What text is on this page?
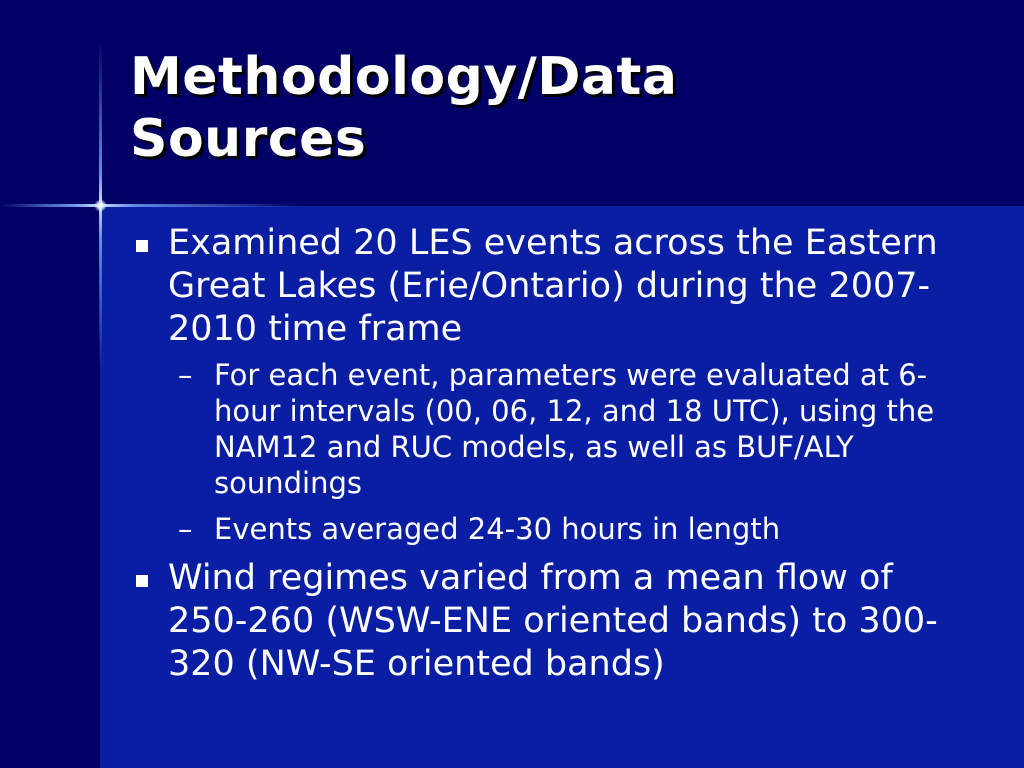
Methodology/Data
Sources
Examined 20 LES events across the Eastern Great Lakes (Erie/Ontario) during the 2007-2010 time frame
– For each event, parameters were evaluated at 6-hour intervals (00, 06, 12, and 18 UTC), using the NAM12 and RUC models, as well as BUF/ALY soundings
– Events averaged 24-30 hours in length
Wind regimes varied from a mean flow of 250-260 (WSW-ENE oriented bands) to 300-320 (NW-SE oriented bands)
